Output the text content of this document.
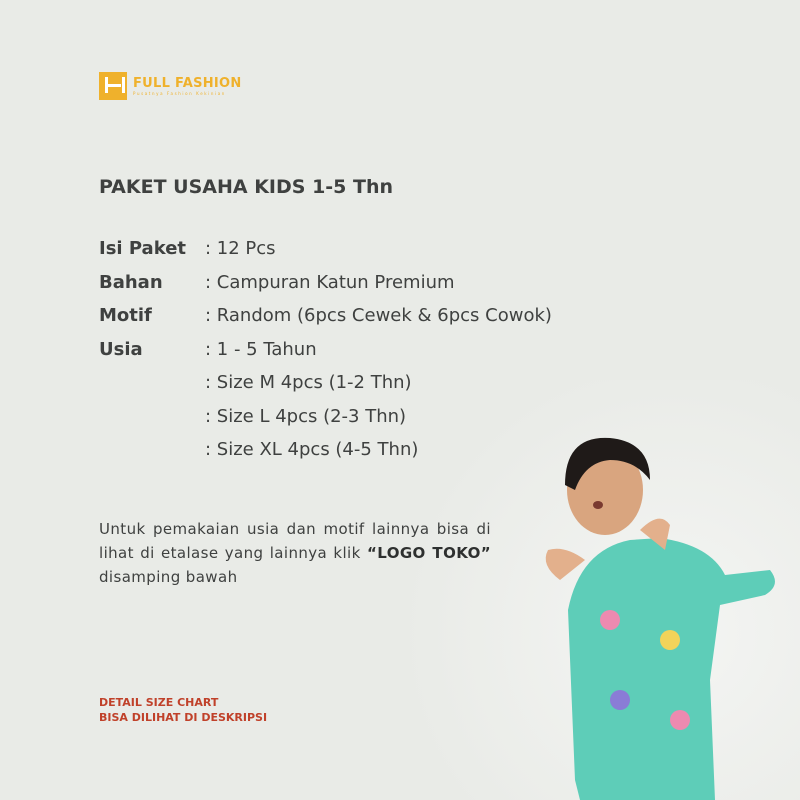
FULL FASHION
Pusatnya Fashion Kekinian
PAKET USAHA KIDS 1-5 Thn
Isi Paket	: 12 Pcs
Bahan	: Campuran Katun Premium
Motif	: Random (6pcs Cewek & 6pcs Cowok)
Usia	: 1 - 5 Tahun
: Size M 4pcs (1-2 Thn)
: Size L 4pcs (2-3 Thn)
: Size XL 4pcs (4-5 Thn)
Untuk pemakaian usia dan motif lainnya bisa di lihat di etalase yang lainnya klik “LOGO TOKO” disamping bawah
DETAIL SIZE CHART
BISA DILIHAT DI DESKRIPSI
